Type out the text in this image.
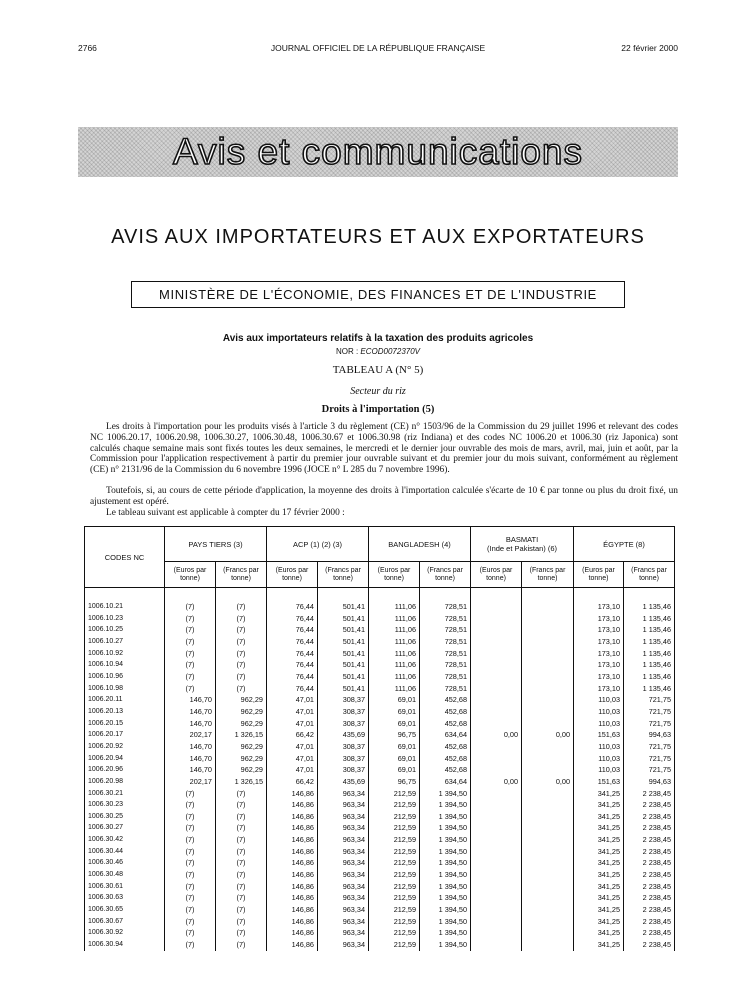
2766	JOURNAL OFFICIEL DE LA RÉPUBLIQUE FRANÇAISE	22 février 2000
Avis et communications
AVIS AUX IMPORTATEURS ET AUX EXPORTATEURS
MINISTÈRE DE L'ÉCONOMIE, DES FINANCES ET DE L'INDUSTRIE
Avis aux importateurs relatifs à la taxation des produits agricoles
NOR : ECOD0072370V
TABLEAU A (N° 5)
Secteur du riz
Droits à l'importation (5)
Les droits à l'importation pour les produits visés à l'article 3 du règlement (CE) n° 1503/96 de la Commission du 29 juillet 1996 et relevant des codes NC 1006.20.17, 1006.20.98, 1006.30.27, 1006.30.48, 1006.30.67 et 1006.30.98 (riz Indiana) et des codes NC 1006.20 et 1006.30 (riz Japonica) sont calculés chaque semaine mais sont fixés toutes les deux semaines, le mercredi et le dernier jour ouvrable des mois de mars, avril, mai, juin et août, par la Commission pour l'application respectivement à partir du premier jour ouvrable suivant et du premier jour du mois suivant, conformément au règlement (CE) n° 2131/96 de la Commission du 6 novembre 1996 (JOCE n° L 285 du 7 novembre 1996).
Toutefois, si, au cours de cette période d'application, la moyenne des droits à l'importation calculée s'écarte de 10 € par tonne ou plus du droit fixé, un ajustement est opéré.
Le tableau suivant est applicable à compter du 17 février 2000 :
CODES NC	PAYS TIERS (3)		ACP (1) (2) (3)		BANGLADESH (4)		BASMATI
(Inde et Pakistan) (6)		ÉGYPTE (8)	
	(Euros par tonne)	(Francs par tonne)	(Euros par tonne)	(Francs par tonne)	(Euros par tonne)	(Francs par tonne)	(Euros par tonne)	(Francs par tonne)	(Euros par tonne)	(Francs par tonne)

1006.10.21	(7)	(7)	76,44	501,41	111,06	728,51			173,10	1 135,46
1006.10.23	(7)	(7)	76,44	501,41	111,06	728,51			173,10	1 135,46
1006.10.25	(7)	(7)	76,44	501,41	111,06	728,51			173,10	1 135,46
1006.10.27	(7)	(7)	76,44	501,41	111,06	728,51			173,10	1 135,46
1006.10.92	(7)	(7)	76,44	501,41	111,06	728,51			173,10	1 135,46
1006.10.94	(7)	(7)	76,44	501,41	111,06	728,51			173,10	1 135,46
1006.10.96	(7)	(7)	76,44	501,41	111,06	728,51			173,10	1 135,46
1006.10.98	(7)	(7)	76,44	501,41	111,06	728,51			173,10	1 135,46
1006.20.11	146,70	962,29	47,01	308,37	69,01	452,68			110,03	721,75
1006.20.13	146,70	962,29	47,01	308,37	69,01	452,68			110,03	721,75
1006.20.15	146,70	962,29	47,01	308,37	69,01	452,68			110,03	721,75
1006.20.17	202,17	1 326,15	66,42	435,69	96,75	634,64	0,00	0,00	151,63	994,63
1006.20.92	146,70	962,29	47,01	308,37	69,01	452,68			110,03	721,75
1006.20.94	146,70	962,29	47,01	308,37	69,01	452,68			110,03	721,75
1006.20.96	146,70	962,29	47,01	308,37	69,01	452,68			110,03	721,75
1006.20.98	202,17	1 326,15	66,42	435,69	96,75	634,64	0,00	0,00	151,63	994,63
1006.30.21	(7)	(7)	146,86	963,34	212,59	1 394,50			341,25	2 238,45
1006.30.23	(7)	(7)	146,86	963,34	212,59	1 394,50			341,25	2 238,45
1006.30.25	(7)	(7)	146,86	963,34	212,59	1 394,50			341,25	2 238,45
1006.30.27	(7)	(7)	146,86	963,34	212,59	1 394,50			341,25	2 238,45
1006.30.42	(7)	(7)	146,86	963,34	212,59	1 394,50			341,25	2 238,45
1006.30.44	(7)	(7)	146,86	963,34	212,59	1 394,50			341,25	2 238,45
1006.30.46	(7)	(7)	146,86	963,34	212,59	1 394,50			341,25	2 238,45
1006.30.48	(7)	(7)	146,86	963,34	212,59	1 394,50			341,25	2 238,45
1006.30.61	(7)	(7)	146,86	963,34	212,59	1 394,50			341,25	2 238,45
1006.30.63	(7)	(7)	146,86	963,34	212,59	1 394,50			341,25	2 238,45
1006.30.65	(7)	(7)	146,86	963,34	212,59	1 394,50			341,25	2 238,45
1006.30.67	(7)	(7)	146,86	963,34	212,59	1 394,50			341,25	2 238,45
1006.30.92	(7)	(7)	146,86	963,34	212,59	1 394,50			341,25	2 238,45
1006.30.94	(7)	(7)	146,86	963,34	212,59	1 394,50			341,25	2 238,45
